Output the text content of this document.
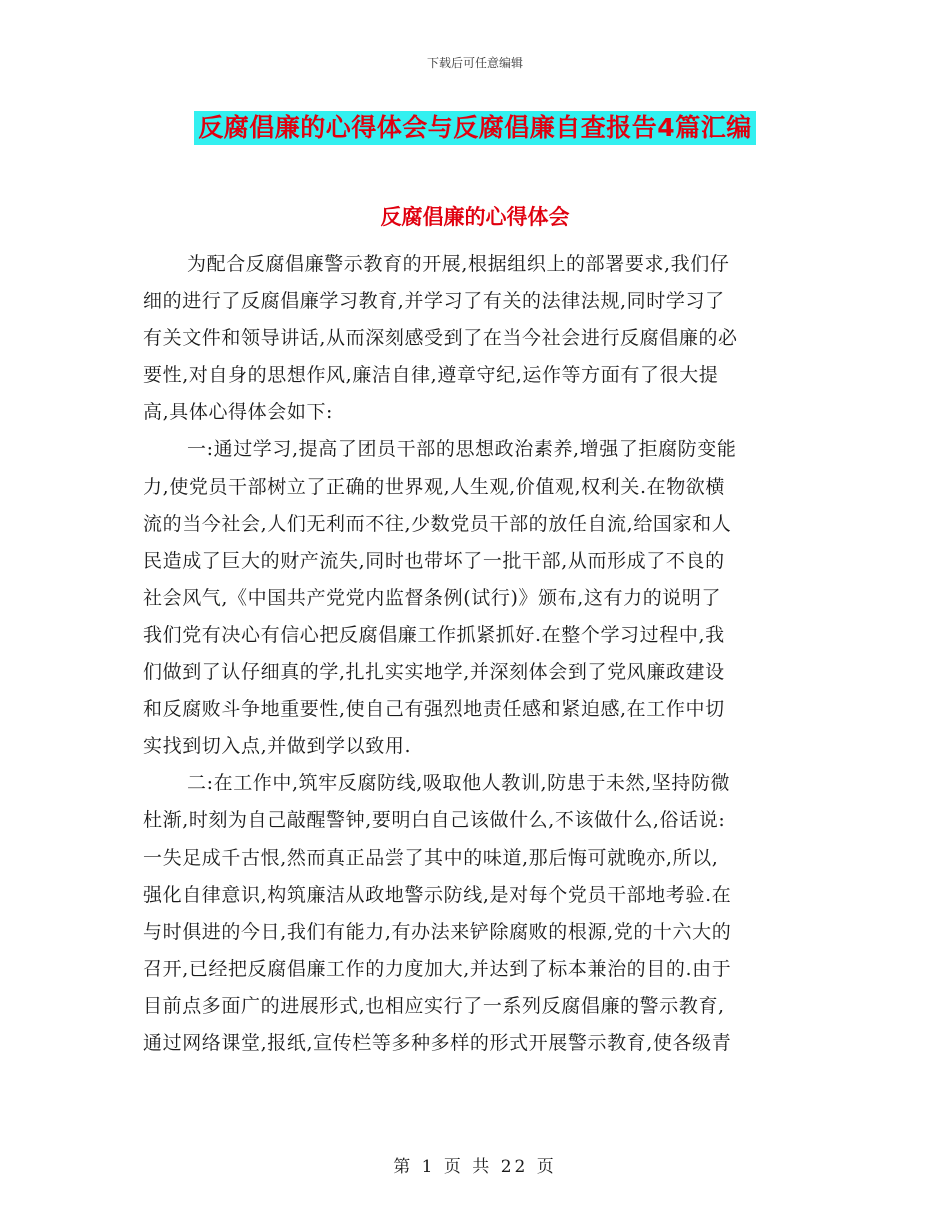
下载后可任意编辑
反腐倡廉的心得体会与反腐倡廉自查报告4篇汇编
反腐倡廉的心得体会
为配合反腐倡廉警示教育的开展,根据组织上的部署要求,我们仔
细的进行了反腐倡廉学习教育,并学习了有关的法律法规,同时学习了
有关文件和领导讲话,从而深刻感受到了在当今社会进行反腐倡廉的必
要性,对自身的思想作风,廉洁自律,遵章守纪,运作等方面有了很大提
高,具体心得体会如下:
一:通过学习,提高了团员干部的思想政治素养,增强了拒腐防变能
力,使党员干部树立了正确的世界观,人生观,价值观,权利关.在物欲横
流的当今社会,人们无利而不往,少数党员干部的放任自流,给国家和人
民造成了巨大的财产流失,同时也带坏了一批干部,从而形成了不良的
社会风气,《中国共产党党内监督条例(试行)》颁布,这有力的说明了
我们党有决心有信心把反腐倡廉工作抓紧抓好.在整个学习过程中,我
们做到了认仔细真的学,扎扎实实地学,并深刻体会到了党风廉政建设
和反腐败斗争地重要性,使自己有强烈地责任感和紧迫感,在工作中切
实找到切入点,并做到学以致用.
二:在工作中,筑牢反腐防线,吸取他人教训,防患于未然,坚持防微
杜渐,时刻为自己敲醒警钟,要明白自己该做什么,不该做什么,俗话说:
一失足成千古恨,然而真正品尝了其中的味道,那后悔可就晚亦,所以,
强化自律意识,构筑廉洁从政地警示防线,是对每个党员干部地考验.在
与时俱进的今日,我们有能力,有办法来铲除腐败的根源,党的十六大的
召开,已经把反腐倡廉工作的力度加大,并达到了标本兼治的目的.由于
目前点多面广的进展形式,也相应实行了一系列反腐倡廉的警示教育,
通过网络课堂,报纸,宣传栏等多种多样的形式开展警示教育,使各级青
第 1 页 共 22 页
